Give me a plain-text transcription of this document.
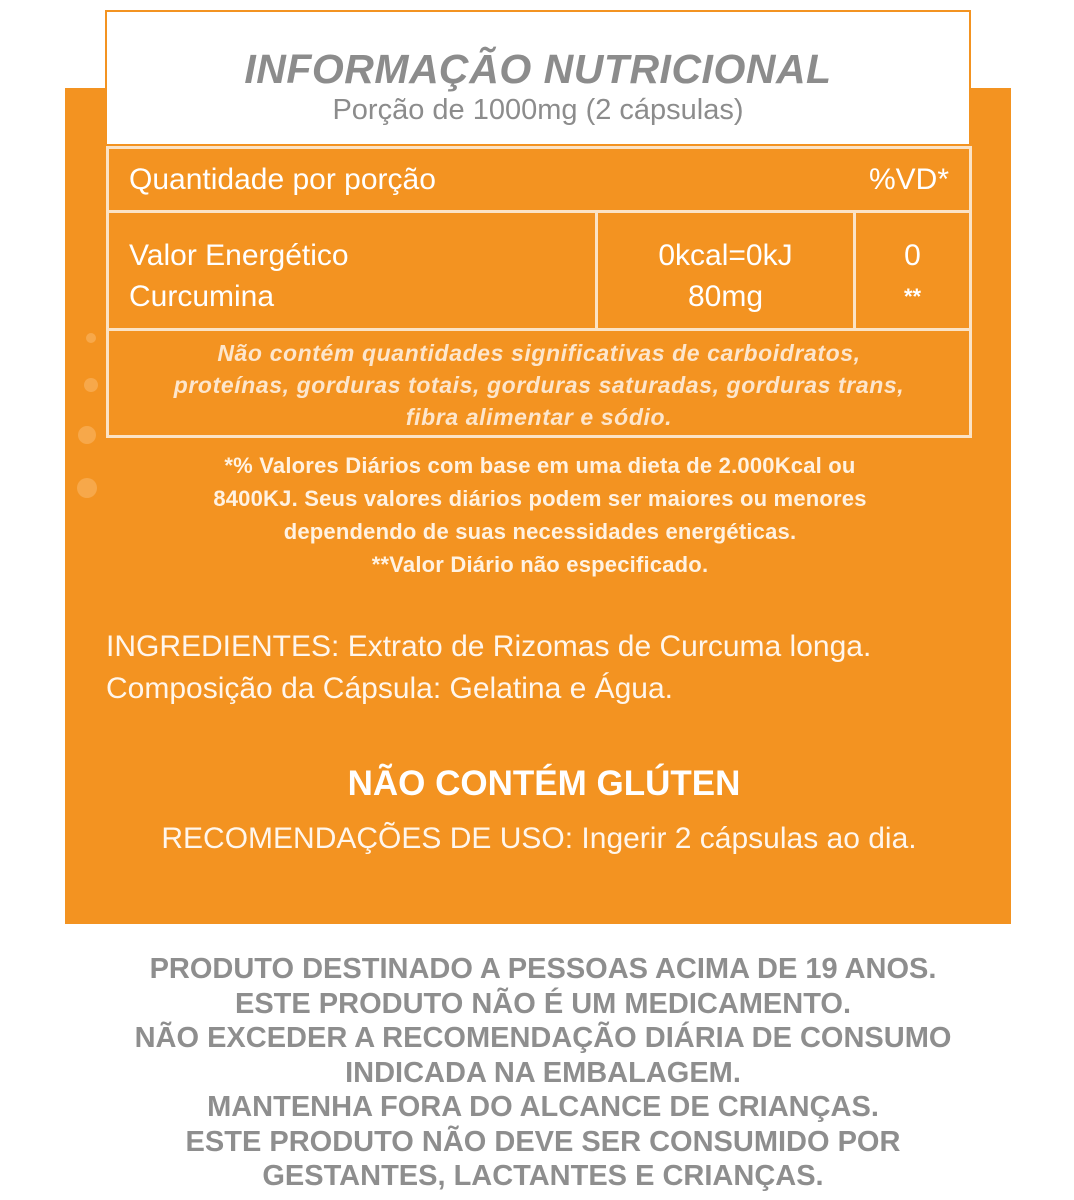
INFORMAÇÃO NUTRICIONAL
Porção de 1000mg (2 cápsulas)
Quantidade por porção	%VD*
Valor Energético
Curcumina
0kcal=0kJ
80mg
0
**
Não contém quantidades significativas de carboidratos,
proteínas, gorduras totais, gorduras saturadas, gorduras trans,
fibra alimentar e sódio.
*% Valores Diários com base em uma dieta de 2.000Kcal ou
8400KJ. Seus valores diários podem ser maiores ou menores
dependendo de suas necessidades energéticas.
**Valor Diário não especificado.
INGREDIENTES: Extrato de Rizomas de Curcuma longa.
Composição da Cápsula: Gelatina e Água.
NÃO CONTÉM GLÚTEN
RECOMENDAÇÕES DE USO: Ingerir 2 cápsulas ao dia.
PRODUTO DESTINADO A PESSOAS ACIMA DE 19 ANOS.
ESTE PRODUTO NÃO É UM MEDICAMENTO.
NÃO EXCEDER A RECOMENDAÇÃO DIÁRIA DE CONSUMO
INDICADA NA EMBALAGEM.
MANTENHA FORA DO ALCANCE DE CRIANÇAS.
ESTE PRODUTO NÃO DEVE SER CONSUMIDO POR
GESTANTES, LACTANTES E CRIANÇAS.
